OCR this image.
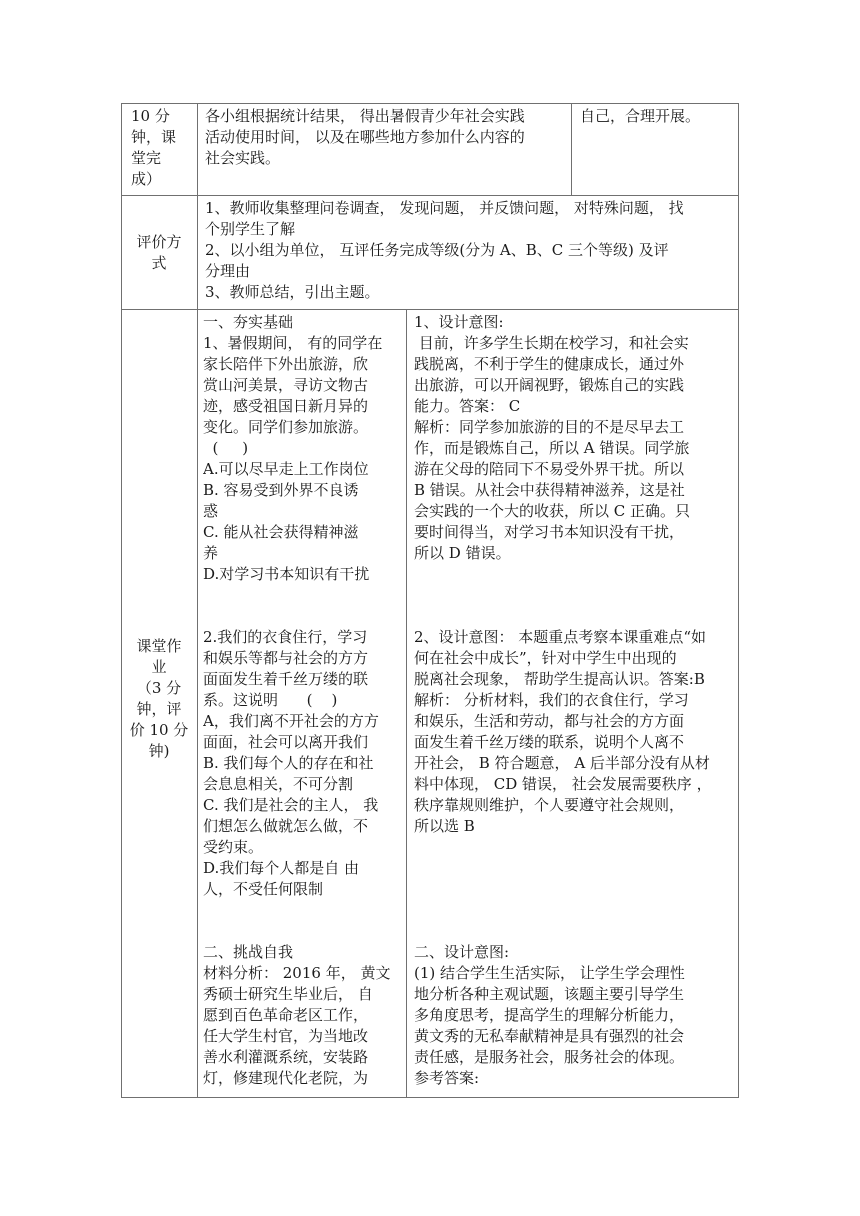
10 分
钟，课
堂完
成）
各小组根据统计结果， 得出暑假青少年社会实践
活动使用时间， 以及在哪些地方参加什么内容的
社会实践。
自己，合理开展。
评价方
式
1、教师收集整理问卷调查， 发现问题， 并反馈问题， 对特殊问题， 找
个别学生了解
2、以小组为单位， 互评任务完成等级(分为 A、B、C 三个等级) 及评
分理由
3、教师总结，引出主题。
课堂作
业
（3 分
钟，评
价 10 分
钟)
一、夯实基础
1、暑假期间， 有的同学在
家长陪伴下外出旅游，欣
赏山河美景，寻访文物古
迹，感受祖国日新月异的
变化。同学们参加旅游。
(     )
A.可以尽早走上工作岗位
B. 容易受到外界不良诱
惑
C. 能从社会获得精神滋
养
D.对学习书本知识有干扰
2.我们的衣食住行，学习
和娱乐等都与社会的方方
面面发生着千丝万缕的联
系。这说明      (    )
A，我们离不开社会的方方
面面，社会可以离开我们
B. 我们每个人的存在和社
会息息相关，不可分割
C. 我们是社会的主人， 我
们想怎么做就怎么做，不
受约束。
D.我们每个人都是自 由
人，不受任何限制
二、挑战自我
材料分析： 2016 年， 黄文
秀硕士研究生毕业后， 自
愿到百色革命老区工作，
任大学生村官，为当地改
善水利灌溉系统，安装路
灯，修建现代化老院，为
1、设计意图:
目前，许多学生长期在校学习，和社会实
践脱离，不利于学生的健康成长，通过外
出旅游，可以开阔视野，锻炼自己的实践
能力。答案： C
解析：同学参加旅游的目的不是尽早去工
作，而是锻炼自己，所以 A 错误。同学旅
游在父母的陪同下不易受外界干扰。所以
B 错误。从社会中获得精神滋养，这是社
会实践的一个大的收获，所以 C 正确。只
要时间得当，对学习书本知识没有干扰，
所以 D 错误。
2、设计意图： 本题重点考察本课重难点“如
何在社会中成长”，针对中学生中出现的
脱离社会现象， 帮助学生提高认识。答案:B
解析： 分析材料，我们的衣食住行，学习
和娱乐，生活和劳动，都与社会的方方面
面发生着千丝万缕的联系，说明个人离不
开社会， B 符合题意， A 后半部分没有从材
料中体现， CD 错误， 社会发展需要秩序 ，
秩序靠规则维护，个人要遵守社会规则，
所以选 B
二、设计意图:
(1) 结合学生生活实际， 让学生学会理性
地分析各种主观试题，该题主要引导学生
多角度思考，提高学生的理解分析能力，
黄文秀的无私奉献精神是具有强烈的社会
责任感，是服务社会，服务社会的体现。
参考答案:
